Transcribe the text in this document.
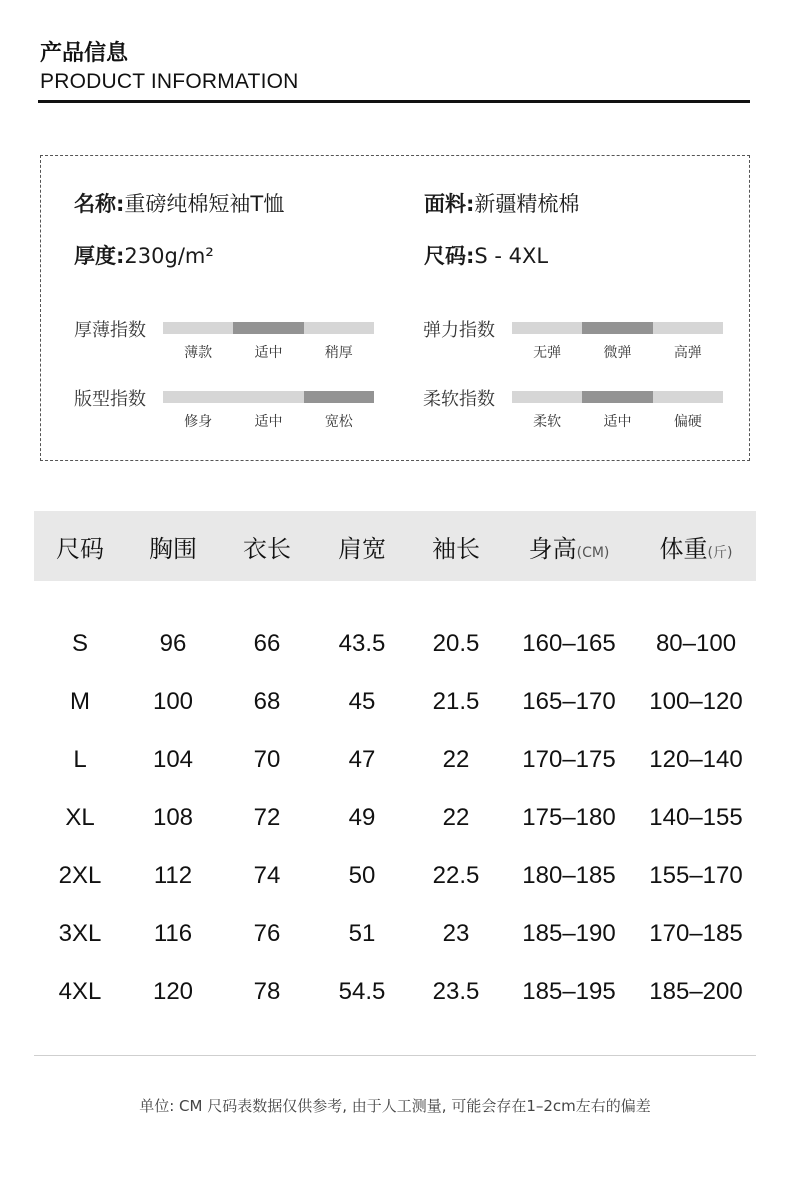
产品信息
PRODUCT INFORMATION
名称:重磅纯棉短袖T恤	面料:新疆精梳棉
厚度:230g/m²	尺码:S - 4XL
厚薄指数
薄款	适中	稍厚
弹力指数
无弹	微弹	高弹
版型指数
修身	适中	宽松
柔软指数
柔软	适中	偏硬
尺码	胸围	衣长	肩宽	袖长	身高(CM)	体重(斤)
S	96	66	43.5	20.5	160–165	80–100
M	100	68	45	21.5	165–170	100–120
L	104	70	47	22	170–175	120–140
XL	108	72	49	22	175–180	140–155
2XL	112	74	50	22.5	180–185	155–170
3XL	116	76	51	23	185–190	170–185
4XL	120	78	54.5	23.5	185–195	185–200
单位: CM 尺码表数据仅供参考, 由于人工测量, 可能会存在1–2cm左右的偏差
